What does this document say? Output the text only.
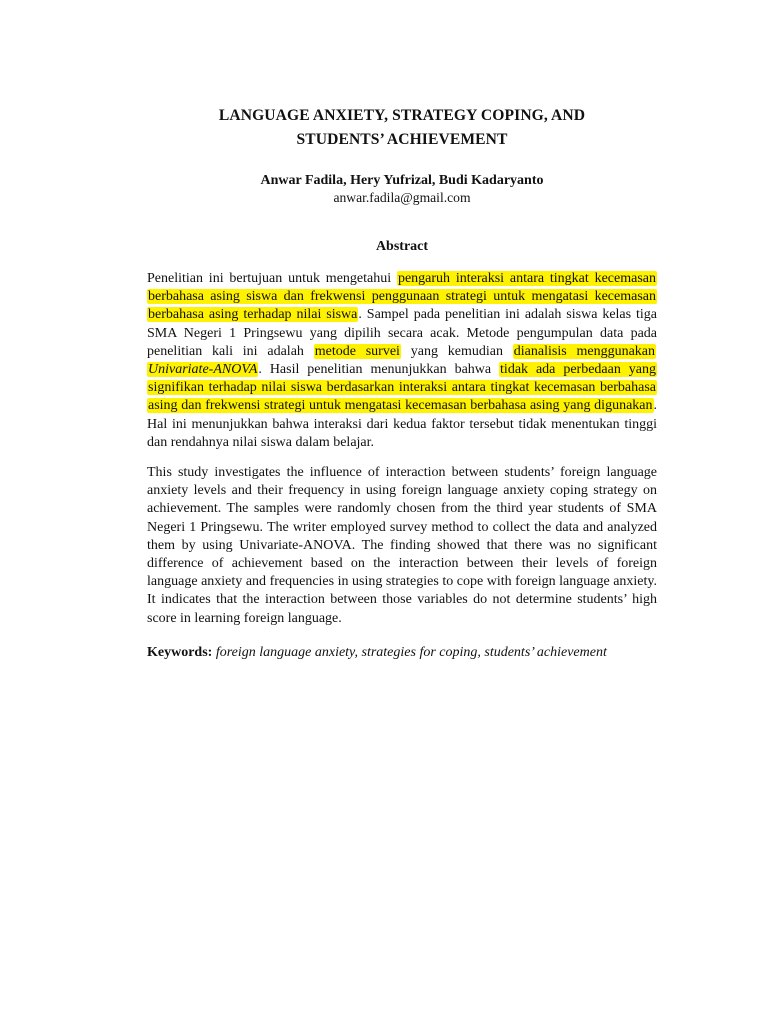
LANGUAGE ANXIETY, STRATEGY COPING, AND
STUDENTS’ ACHIEVEMENT

Anwar Fadila, Hery Yufrizal, Budi Kadaryanto

anwar.fadila@gmail.com

Abstract

Penelitian ini bertujuan untuk mengetahui pengaruh interaksi antara tingkat kecemasan berbahasa asing siswa dan frekwensi penggunaan strategi untuk mengatasi kecemasan berbahasa asing terhadap nilai siswa. Sampel pada penelitian ini adalah siswa kelas tiga SMA Negeri 1 Pringsewu yang dipilih secara acak. Metode pengumpulan data pada penelitian kali ini adalah metode survei yang kemudian dianalisis menggunakan Univariate-ANOVA. Hasil penelitian menunjukkan bahwa tidak ada perbedaan yang signifikan terhadap nilai siswa berdasarkan interaksi antara tingkat kecemasan berbahasa asing dan frekwensi strategi untuk mengatasi kecemasan berbahasa asing yang digunakan. Hal ini menunjukkan bahwa interaksi dari kedua faktor tersebut tidak menentukan tinggi dan rendahnya nilai siswa dalam belajar.

This study investigates the influence of interaction between students’ foreign language anxiety levels and their frequency in using foreign language anxiety coping strategy on achievement. The samples were randomly chosen from the third year students of SMA Negeri 1 Pringsewu. The writer employed survey method to collect the data and analyzed them by using Univariate-ANOVA. The finding showed that there was no significant difference of achievement based on the interaction between their levels of foreign language anxiety and frequencies in using strategies to cope with foreign language anxiety. It indicates that the interaction between those variables do not determine students’ high score in learning foreign language.

Keywords: foreign language anxiety, strategies for coping, students’ achievement
